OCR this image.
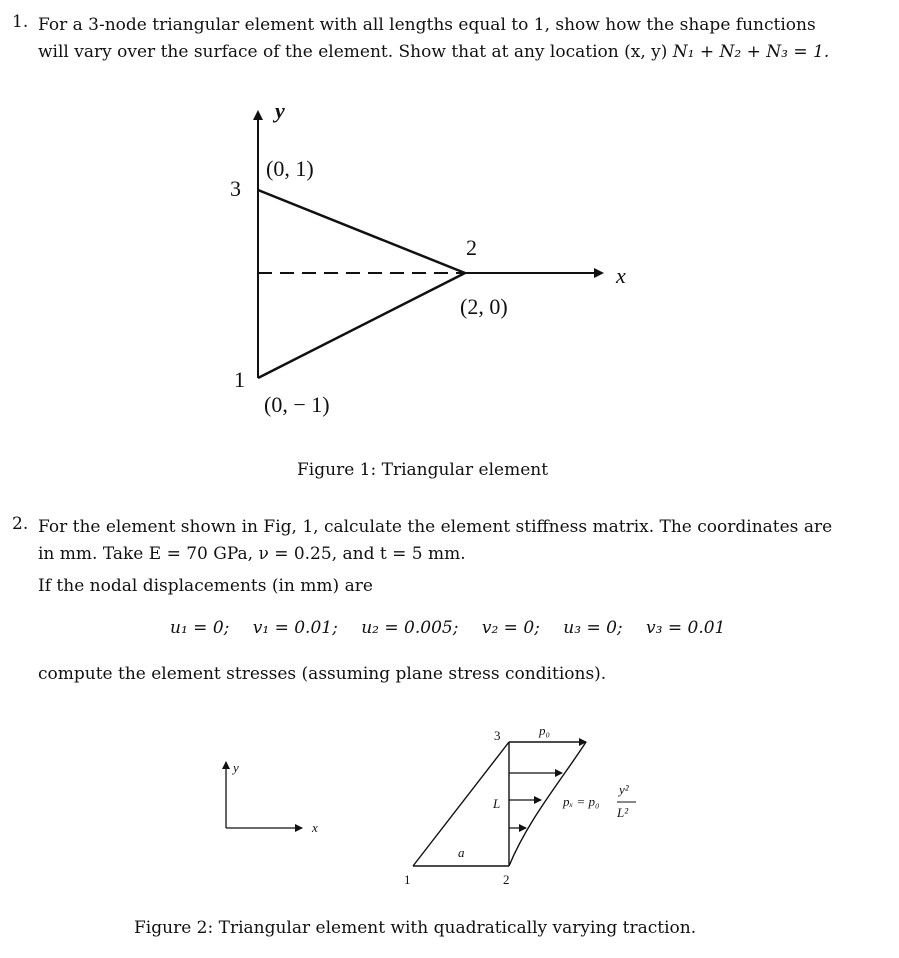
1. For a 3-node triangular element with all lengths equal to 1, show how the shape functions
will vary over the surface of the element. Show that at any location (x, y) N₁ + N₂ + N₃ = 1.
y
x
3
(0, 1)
2
(2, 0)
1
(0, − 1)
Figure 1: Triangular element
2. For the element shown in Fig, 1, calculate the element stiffness matrix. The coordinates are
in mm. Take E = 70 GPa, ν = 0.25, and t = 5 mm.
If the nodal displacements (in mm) are
u₁ = 0; v₁ = 0.01; u₂ = 0.005; v₂ = 0; u₃ = 0; v₃ = 0.01
compute the element stresses (assuming plane stress conditions).
y
x
3
1	2
p₀
L
a
pₓ = p₀
y²
L²
Figure 2: Triangular element with quadratically varying traction.
